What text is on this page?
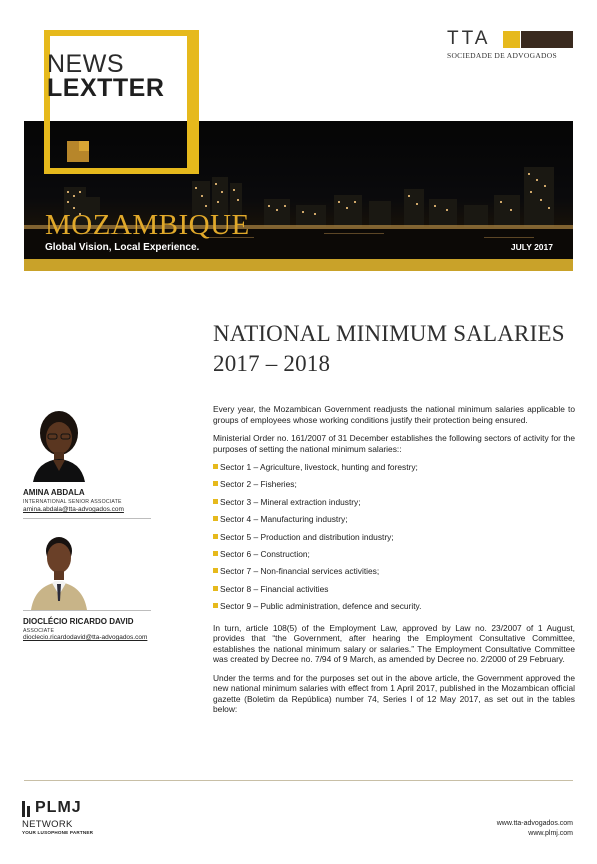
NEWS
LEXTTER
TTA
SOCIEDADE DE ADVOGADOS
MOZAMBIQUE
Global Vision, Local Experience.	JULY 2017
NATIONAL MINIMUM SALARIES
2017 – 2018

Every year, the Mozambican Government readjusts the national minimum salaries applicable to groups of employees whose working conditions justify their protection being ensured.

Ministerial Order no. 161/2007 of 31 December establishes the following sectors of activity for the purposes of setting the national minimum salaries::

Sector 1 – Agriculture, livestock, hunting and forestry;
Sector 2 – Fisheries;
Sector 3 – Mineral extraction industry;
Sector 4 – Manufacturing industry;
Sector 5 – Production and distribution industry;
Sector 6 – Construction;
Sector 7 – Non-financial services activities;
Sector 8 – Financial activities
Sector 9 – Public administration, defence and security.

In turn, article 108(5) of the Employment Law, approved by Law no. 23/2007 of 1 August, provides that “the Government, after hearing the Employment Consultative Committee, establishes the national minimum salary or salaries.” The Employment Consultative Committee was created by Decree no. 7/94 of 9 March, as amended by Decree no. 2/2000 of 29 February.

Under the terms and for the purposes set out in the above article, the Government approved the new national minimum salaries with effect from 1 April 2017, published in the Mozambican official gazette (Boletim da República) number 74, Series I of 12 May 2017, as set out in the tables below:

AMINA ABDALA
INTERNATIONAL SENIOR ASSOCIATE
amina.abdala@tta-advogados.com
DIOCLÉCIO RICARDO DAVID
ASSOCIATE
dioclecio.ricardodavid@tta-advogados.com
PLMJ
NETWORK
YOUR LUSOPHONE PARTNER
www.tta-advogados.com
www.plmj.com
